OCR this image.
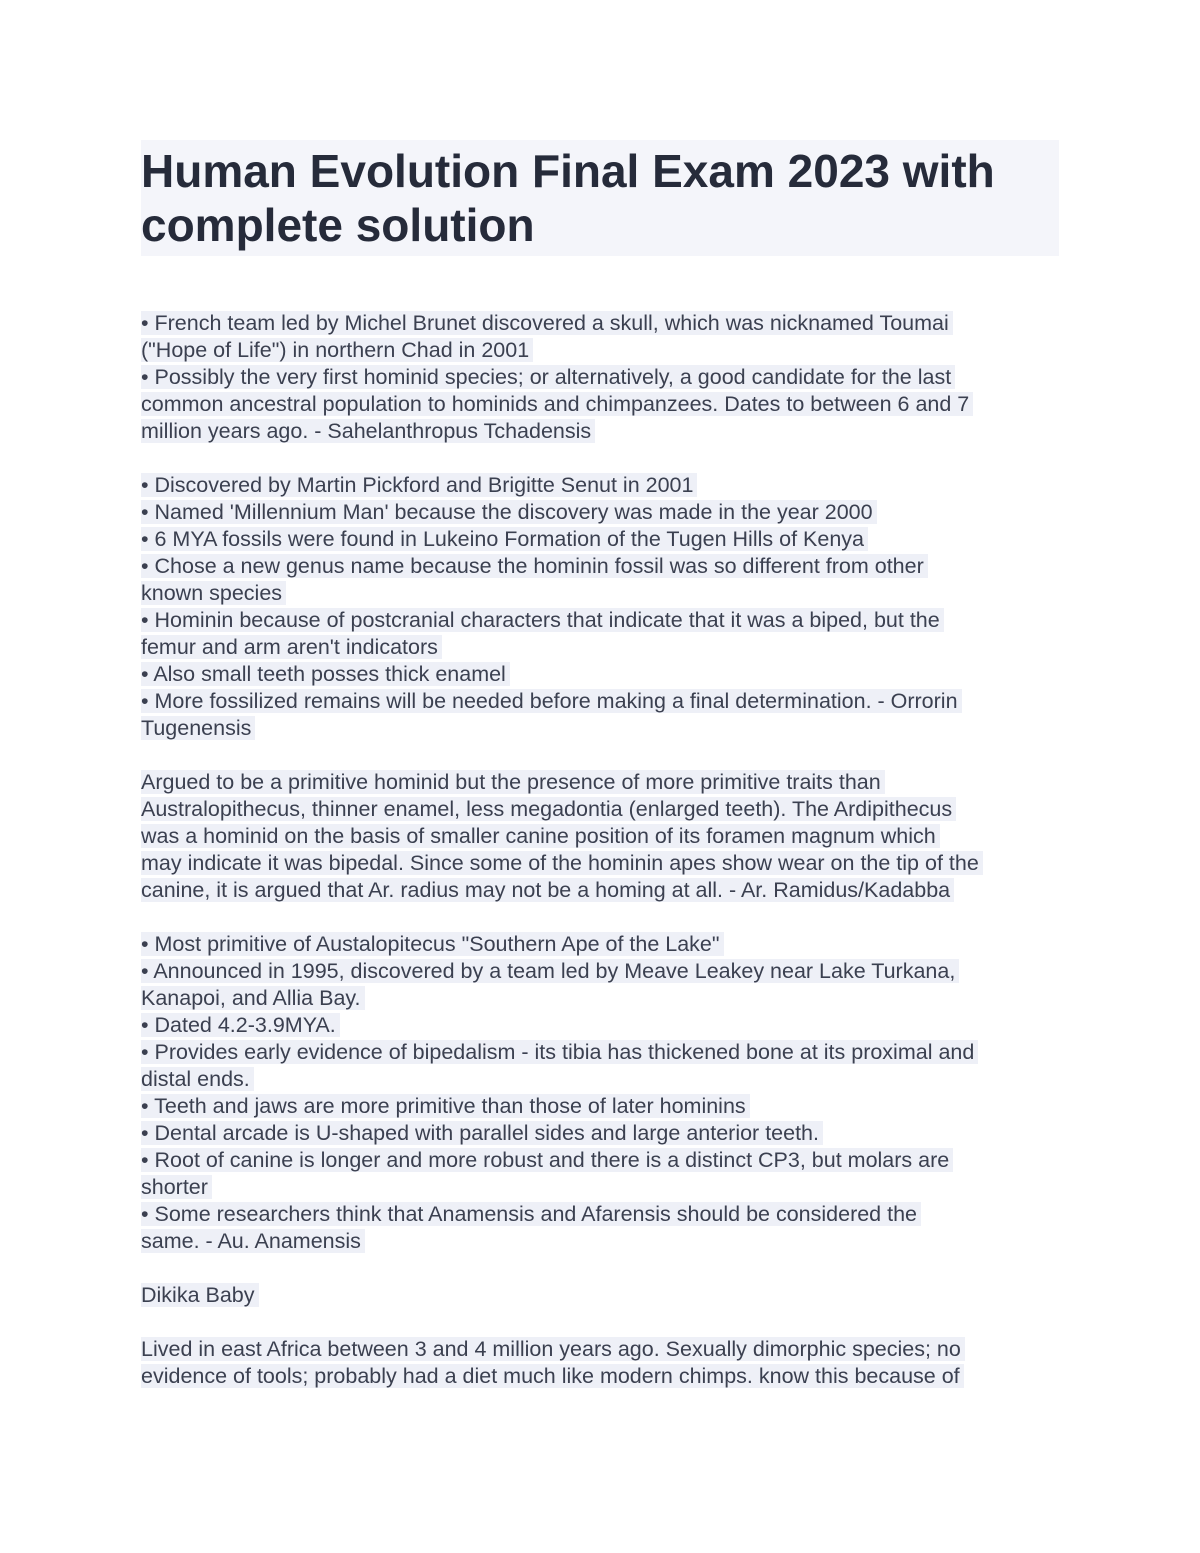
Human Evolution Final Exam 2023 with complete solution
• French team led by Michel Brunet discovered a skull, which was nicknamed Toumai
("Hope of Life") in northern Chad in 2001
• Possibly the very first hominid species; or alternatively, a good candidate for the last
common ancestral population to hominids and chimpanzees. Dates to between 6 and 7
million years ago. - Sahelanthropus Tchadensis
• Discovered by Martin Pickford and Brigitte Senut in 2001
• Named 'Millennium Man' because the discovery was made in the year 2000
• 6 MYA fossils were found in Lukeino Formation of the Tugen Hills of Kenya
• Chose a new genus name because the hominin fossil was so different from other
known species
• Hominin because of postcranial characters that indicate that it was a biped, but the
femur and arm aren't indicators
• Also small teeth posses thick enamel
• More fossilized remains will be needed before making a final determination. - Orrorin
Tugenensis
Argued to be a primitive hominid but the presence of more primitive traits than
Australopithecus, thinner enamel, less megadontia (enlarged teeth). The Ardipithecus
was a hominid on the basis of smaller canine position of its foramen magnum which
may indicate it was bipedal. Since some of the hominin apes show wear on the tip of the
canine, it is argued that Ar. radius may not be a homing at all. - Ar. Ramidus/Kadabba
• Most primitive of Austalopitecus "Southern Ape of the Lake"
• Announced in 1995, discovered by a team led by Meave Leakey near Lake Turkana,
Kanapoi, and Allia Bay.
• Dated 4.2-3.9MYA.
• Provides early evidence of bipedalism - its tibia has thickened bone at its proximal and
distal ends.
• Teeth and jaws are more primitive than those of later hominins
• Dental arcade is U-shaped with parallel sides and large anterior teeth.
• Root of canine is longer and more robust and there is a distinct CP3, but molars are
shorter
• Some researchers think that Anamensis and Afarensis should be considered the
same. - Au. Anamensis
Dikika Baby
Lived in east Africa between 3 and 4 million years ago. Sexually dimorphic species; no
evidence of tools; probably had a diet much like modern chimps. know this because of
